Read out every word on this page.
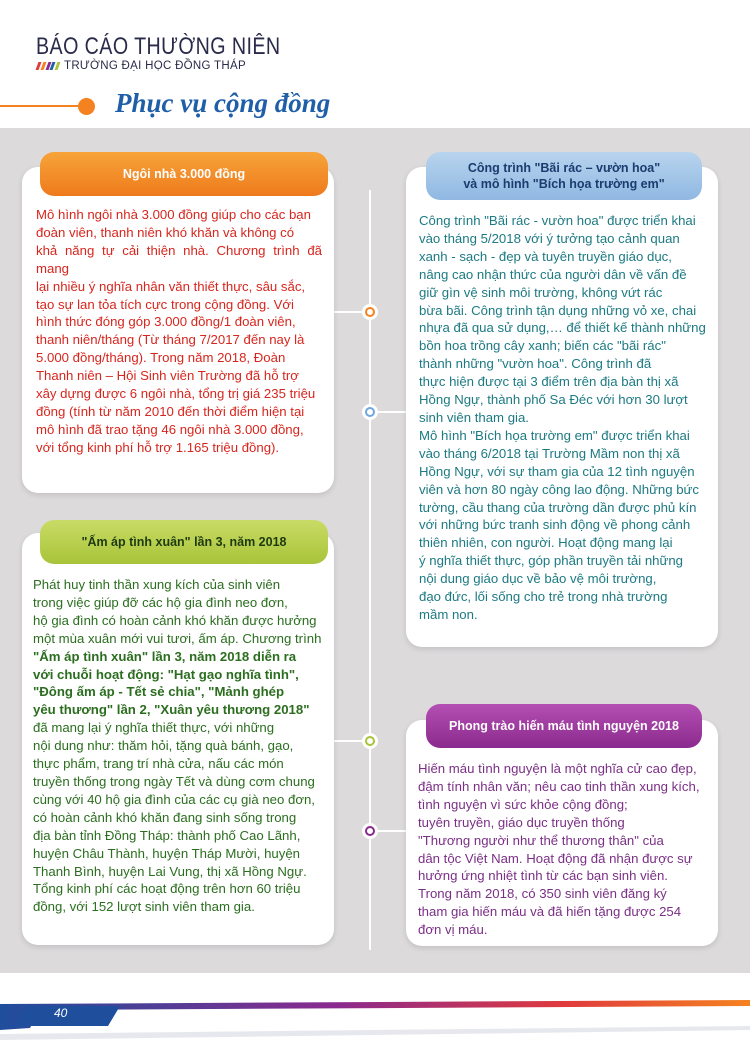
BÁO CÁO THƯỜNG NIÊN
TRƯỜNG ĐẠI HỌC ĐỒNG THÁP
Phục vụ cộng đồng
Ngôi nhà 3.000 đồng
Mô hình ngôi nhà 3.000 đồng giúp cho các bạn
đoàn viên, thanh niên khó khăn và không có
khả năng tự cải thiện nhà. Chương trình đã mang
lại nhiều ý nghĩa nhân văn thiết thực, sâu sắc,
tạo sự lan tỏa tích cực trong cộng đồng. Với
hình thức đóng góp 3.000 đồng/1 đoàn viên,
thanh niên/tháng (Từ tháng 7/2017 đến nay là
5.000 đồng/tháng). Trong năm 2018, Đoàn
Thanh niên – Hội Sinh viên Trường đã hỗ trợ
xây dựng được 6 ngôi nhà, tổng trị giá 235 triệu
đồng (tính từ năm 2010 đến thời điểm hiện tại
mô hình đã trao tặng 46 ngôi nhà 3.000 đồng,
với tổng kinh phí hỗ trợ 1.165 triệu đồng).
Công trình "Bãi rác – vườn hoa"
và mô hình "Bích họa trường em"
Công trình "Bãi rác - vườn hoa" được triển khai
vào tháng 5/2018 với ý tưởng tạo cảnh quan
xanh - sạch - đẹp và tuyên truyền giáo dục,
nâng cao nhận thức của người dân về vấn đề
giữ gìn vệ sinh môi trường, không vứt rác
bừa bãi. Công trình tận dụng những vỏ xe, chai
nhựa đã qua sử dụng,… để thiết kế thành những
bồn hoa trồng cây xanh; biến các "bãi rác"
thành những "vườn hoa". Công trình đã
thực hiện được tại 3 điểm trên địa bàn thị xã
Hồng Ngự, thành phố Sa Đéc với hơn 30 lượt
sinh viên tham gia.
Mô hình "Bích họa trường em" được triển khai
vào tháng 6/2018 tại Trường Mầm non thị xã
Hồng Ngự, với sự tham gia của 12 tình nguyện
viên và hơn 80 ngày công lao động. Những bức
tường, cầu thang của trường dần được phủ kín
với những bức tranh sinh động về phong cảnh
thiên nhiên, con người. Hoạt động mang lại
ý nghĩa thiết thực, góp phần truyền tải những
nội dung giáo dục về bảo vệ môi trường,
đạo đức, lối sống cho trẻ trong nhà trường
mầm non.
"Ấm áp tình xuân" lần 3, năm 2018
Phát huy tinh thần xung kích của sinh viên
trong việc giúp đỡ các hộ gia đình neo đơn,
hộ gia đình có hoàn cảnh khó khăn được hưởng
một mùa xuân mới vui tươi, ấm áp. Chương trình
"Ấm áp tình xuân" lần 3, năm 2018 diễn ra
với chuỗi hoạt động: "Hạt gạo nghĩa tình",
"Đông ấm áp - Tết sẻ chia", "Mảnh ghép
yêu thương" lần 2, "Xuân yêu thương 2018"
đã mang lại ý nghĩa thiết thực, với những
nội dung như: thăm hỏi, tặng quà bánh, gạo,
thực phẩm, trang trí nhà cửa, nấu các món
truyền thống trong ngày Tết và dùng cơm chung
cùng với 40 hộ gia đình của các cụ già neo đơn,
có hoàn cảnh khó khăn đang sinh sống trong
địa bàn tỉnh Đồng Tháp: thành phố Cao Lãnh,
huyện Châu Thành, huyện Tháp Mười, huyện
Thanh Bình, huyện Lai Vung, thị xã Hồng Ngự.
Tổng kinh phí các hoạt động trên hơn 60 triệu
đồng, với 152 lượt sinh viên tham gia.
Phong trào hiến máu tình nguyện 2018
Hiến máu tình nguyện là một nghĩa cử cao đẹp,
đậm tính nhân văn; nêu cao tinh thần xung kích,
tình nguyện vì sức khỏe cộng đồng;
tuyên truyền, giáo dục truyền thống
"Thương người như thể thương thân" của
dân tộc Việt Nam. Hoạt động đã nhận được sự
hưởng ứng nhiệt tình từ các bạn sinh viên.
Trong năm 2018, có 350 sinh viên đăng ký
tham gia hiến máu và đã hiến tặng được 254
đơn vị máu.
40
